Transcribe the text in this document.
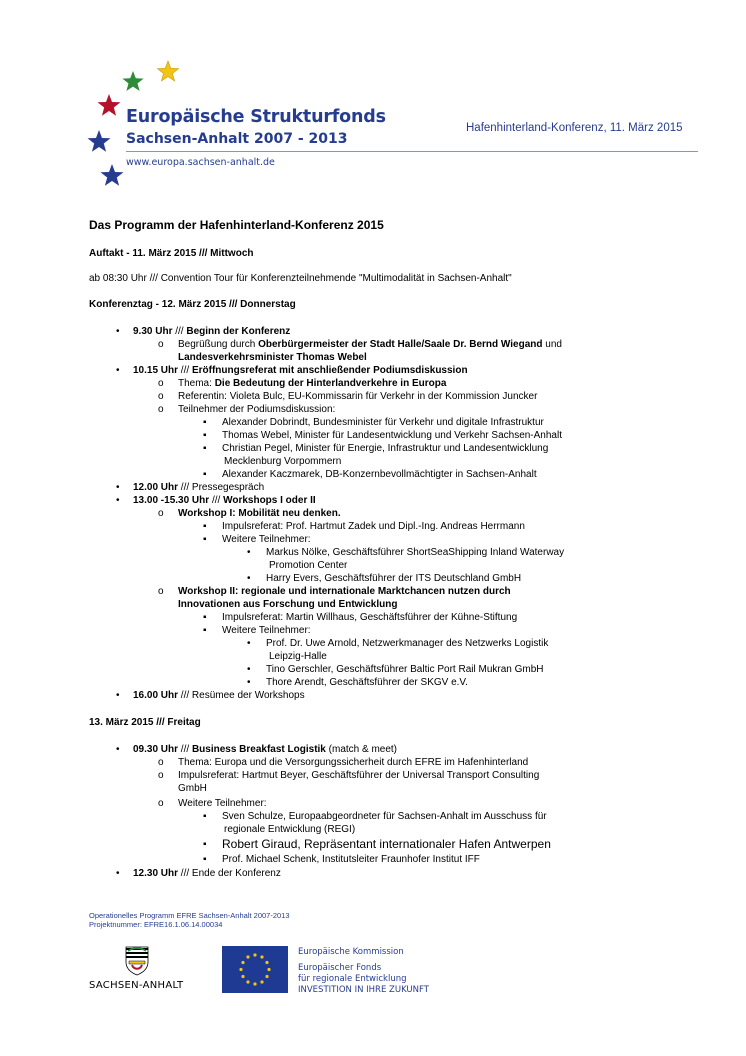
Europäische Strukturfonds
Sachsen-Anhalt 2007 - 2013
www.europa.sachsen-anhalt.de
Hafenhinterland-Konferenz, 11. März 2015
Das Programm der Hafenhinterland-Konferenz 2015
Auftakt - 11. März 2015 /// Mittwoch
ab 08:30 Uhr /// Convention Tour für Konferenzteilnehmende "Multimodalität in Sachsen-Anhalt"
Konferenztag - 12. März 2015 /// Donnerstag
• 9.30 Uhr /// Beginn der Konferenz
o Begrüßung durch Oberbürgermeister der Stadt Halle/Saale Dr. Bernd Wiegand und
Landesverkehrsminister Thomas Webel
• 10.15 Uhr /// Eröffnungsreferat mit anschließender Podiumsdiskussion
o Thema: Die Bedeutung der Hinterlandverkehre in Europa
o Referentin: Violeta Bulc, EU-Kommissarin für Verkehr in der Kommission Juncker
o Teilnehmer der Podiumsdiskussion:
▪ Alexander Dobrindt, Bundesminister für Verkehr und digitale Infrastruktur
▪ Thomas Webel, Minister für Landesentwicklung und Verkehr Sachsen-Anhalt
▪ Christian Pegel, Minister für Energie, Infrastruktur und Landesentwicklung
Mecklenburg Vorpommern
▪ Alexander Kaczmarek, DB-Konzernbevollmächtigter in Sachsen-Anhalt
• 12.00 Uhr /// Pressegespräch
• 13.00 -15.30 Uhr /// Workshops I oder II
o Workshop I: Mobilität neu denken.
▪ Impulsreferat: Prof. Hartmut Zadek und Dipl.-Ing. Andreas Herrmann
▪ Weitere Teilnehmer:
• Markus Nölke, Geschäftsführer ShortSeaShipping Inland Waterway
Promotion Center
• Harry Evers, Geschäftsführer der ITS Deutschland GmbH
o Workshop II: regionale und internationale Marktchancen nutzen durch
Innovationen aus Forschung und Entwicklung
▪ Impulsreferat: Martin Willhaus, Geschäftsführer der Kühne-Stiftung
▪ Weitere Teilnehmer:
• Prof. Dr. Uwe Arnold, Netzwerkmanager des Netzwerks Logistik
Leipzig-Halle
• Tino Gerschler, Geschäftsführer Baltic Port Rail Mukran GmbH
• Thore Arendt, Geschäftsführer der SKGV e.V.
• 16.00 Uhr /// Resümee der Workshops
13. März 2015 /// Freitag
• 09.30 Uhr /// Business Breakfast Logistik (match & meet)
o Thema: Europa und die Versorgungssicherheit durch EFRE im Hafenhinterland
o Impulsreferat: Hartmut Beyer, Geschäftsführer der Universal Transport Consulting
GmbH
o Weitere Teilnehmer:
▪ Sven Schulze, Europaabgeordneter für Sachsen-Anhalt im Ausschuss für
regionale Entwicklung (REGI)
▪ Robert Giraud, Repräsentant internationaler Hafen Antwerpen
▪ Prof. Michael Schenk, Institutsleiter Fraunhofer Institut IFF
• 12.30 Uhr /// Ende der Konferenz
Operationelles Programm EFRE Sachsen-Anhalt 2007-2013
Projektnummer: EFRE16.1.06.14.00034
SACHSEN-ANHALT
Europäische Kommission
Europäischer Fonds
für regionale Entwicklung
INVESTITION IN IHRE ZUKUNFT
